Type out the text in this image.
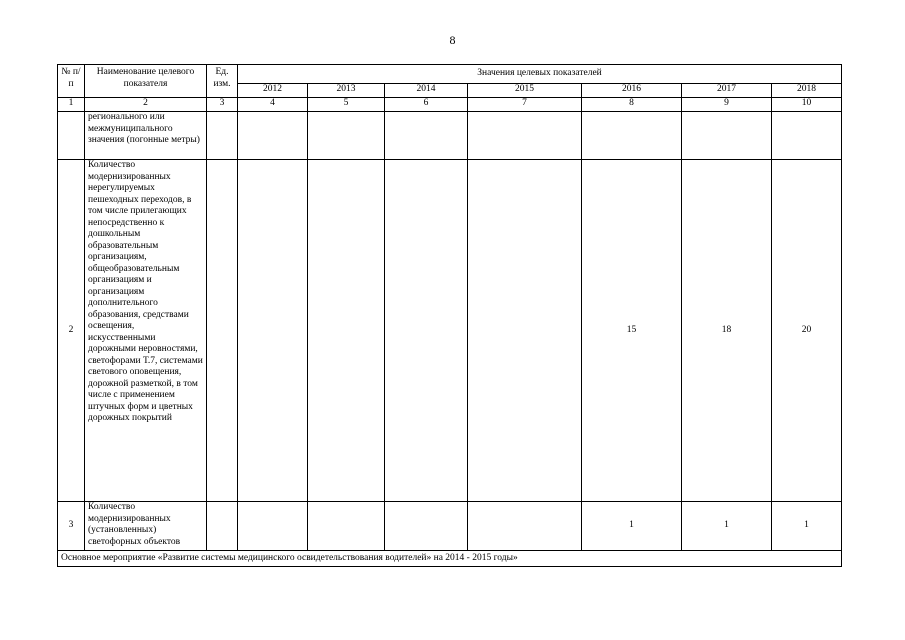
8
№ п/п	Наименование целевого показателя	Ед. изм.	Значения целевых показателей						
			2012	2013	2014	2015	2016	2017	2018
1	2	3	4	5	6	7	8	9	10
	регионального или межмуниципального значения (погонные метры)								
2	Количество модернизированных нерегулируемых пешеходных переходов, в том числе прилегающих непосредственно к дошкольным образовательным организациям, общеобразовательным организациям и организациям дополнительного образования, средствами освещения, искусственными дорожными неровностями, светофорами Т.7, системами светового оповещения, дорожной разметкой, в том числе с применением штучных форм и цветных дорожных покрытий						15	18	20
3	Количество модернизированных (установленных) светофорных объектов						1	1	1
Основное мероприятие «Развитие системы медицинского освидетельствования водителей» на 2014 - 2015 годы»									
